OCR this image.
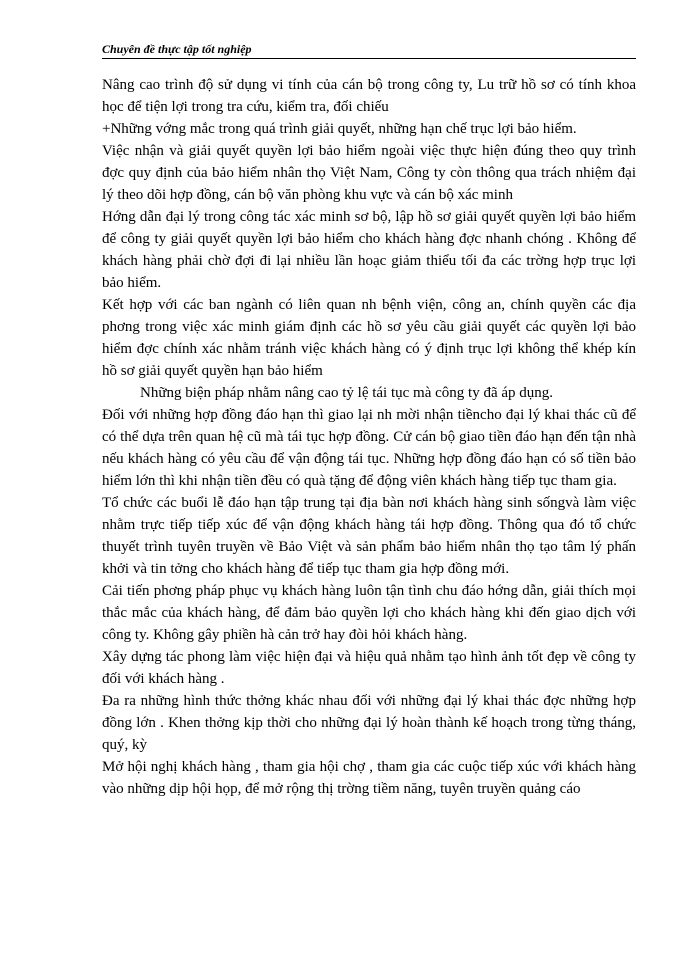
Chuyên đề thực tập tốt nghiệp

Nâng cao trình độ sử dụng vi tính của cán bộ trong công ty, Lu trữ hồ sơ có tính khoa học để tiện lợi trong tra cứu, kiểm tra, đối chiếu

+Những vớng mắc trong quá trình giải quyết, những hạn chế trục lợi bảo hiểm.

Việc nhận và giải quyết quyền lợi bảo hiểm ngoài việc thực hiện đúng theo quy trình đợc quy định của bảo hiểm nhân thọ Việt Nam, Công ty còn thông qua trách nhiệm đại lý theo dõi hợp đồng, cán bộ văn phòng khu vực và cán bộ xác minh

Hớng dẫn đại lý trong công tác xác minh sơ bộ, lập hồ sơ giải quyết quyền lợi bảo hiểm để công ty giải quyết quyền lợi bảo hiểm cho khách hàng đợc nhanh chóng . Không để khách hàng phải chờ đợi đi lại nhiều lần hoạc giảm thiểu tối đa các trờng hợp trục lợi bảo hiểm.

Kết hợp với các ban ngành có liên quan nh bệnh viện, công an, chính quyền các địa phơng trong việc xác minh giám định các hồ sơ yêu cầu giải quyết các quyền lợi bảo hiểm đợc chính xác nhằm tránh việc khách hàng có ý định trục lợi không thể khép kín hồ sơ giải quyết quyền hạn bảo hiểm

Những biện pháp nhằm nâng cao tỷ lệ tái tục mà công ty đã áp dụng.

Đối với những hợp đồng đáo hạn thì giao lại nh mời nhận tiềncho đại lý khai thác cũ để có thể dựa trên quan hệ cũ mà tái tục hợp đồng. Cử cán bộ giao tiền đáo hạn đến tận nhà nếu khách hàng có yêu cầu để vận động tái tục. Những hợp đồng đáo hạn có số tiền bảo hiểm lớn thì khi nhận tiền đều có quà tặng để động viên khách hàng tiếp tục tham gia.

Tổ chức các buổi lễ đáo hạn tập trung tại địa bàn nơi khách hàng sinh sốngvà làm việc nhằm trực tiếp tiếp xúc để vận động khách hàng tái hợp đồng. Thông qua đó tổ chức thuyết trình tuyên truyền về Bảo Việt và sản phẩm bảo hiểm nhân thọ tạo tâm lý phấn khởi và tin tởng cho khách hàng để tiếp tục tham gia hợp đồng mới.

Cải tiến phơng pháp phục vụ khách hàng luôn tận tình chu đáo hớng dẫn, giải thích mọi thắc mắc của khách hàng, để đảm bảo quyền lợi cho khách hàng khi đến giao dịch với công ty. Không gây phiền hà cản trở hay đòi hỏi khách hàng.

Xây dựng tác phong làm việc hiện đại và hiệu quả nhằm tạo hình ảnh tốt đẹp về công ty đối với khách hàng .

Đa ra những hình thức thởng khác nhau đối với những đại lý khai thác đợc những hợp đồng lớn . Khen thởng kịp thời cho những đại lý hoàn thành kế hoạch trong từng tháng, quý, kỳ

Mở hội nghị khách hàng , tham gia hội chợ , tham gia các cuộc tiếp xúc với khách hàng vào những dịp hội họp, để mở rộng thị trờng tiềm năng, tuyên truyền quảng cáo
